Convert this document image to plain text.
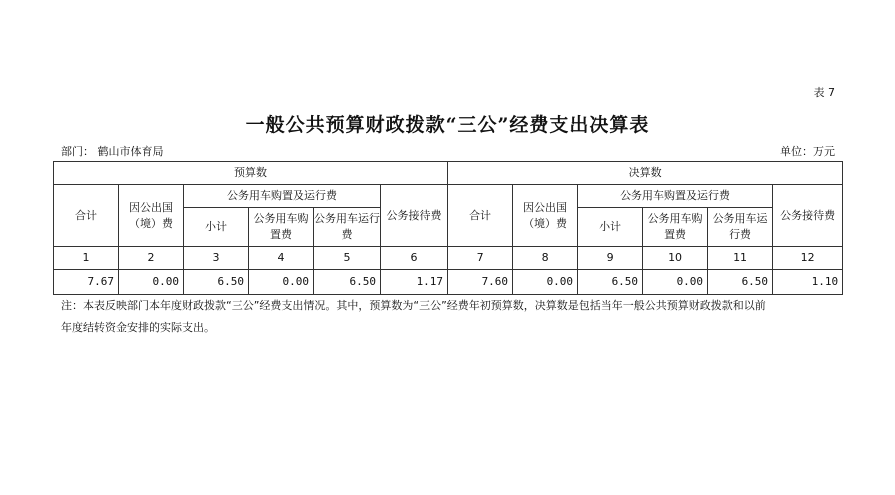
表 7
一般公共预算财政拨款“三公”经费支出决算表
部门： 鹤山市体育局	单位：万元
预算数						决算数					
合计	因公出国（境）费	公务用车购置及运行费			公务接待费	合计	因公出国（境）费	公务用车购置及运行费			公务接待费
		小计	公务用车购置费	公务用车运行费				小计	公务用车购置费	公务用车运行费	
1	2	3	4	5	6	7	8	9	10	11	12
7.67	0.00	6.50	0.00	6.50	1.17	7.60	0.00	6.50	0.00	6.50	1.10
注：本表反映部门本年度财政拨款“三公”经费支出情况。其中，预算数为“三公”经费年初预算数，决算数是包括当年一般公共预算财政拨款和以前
年度结转资金安排的实际支出。
